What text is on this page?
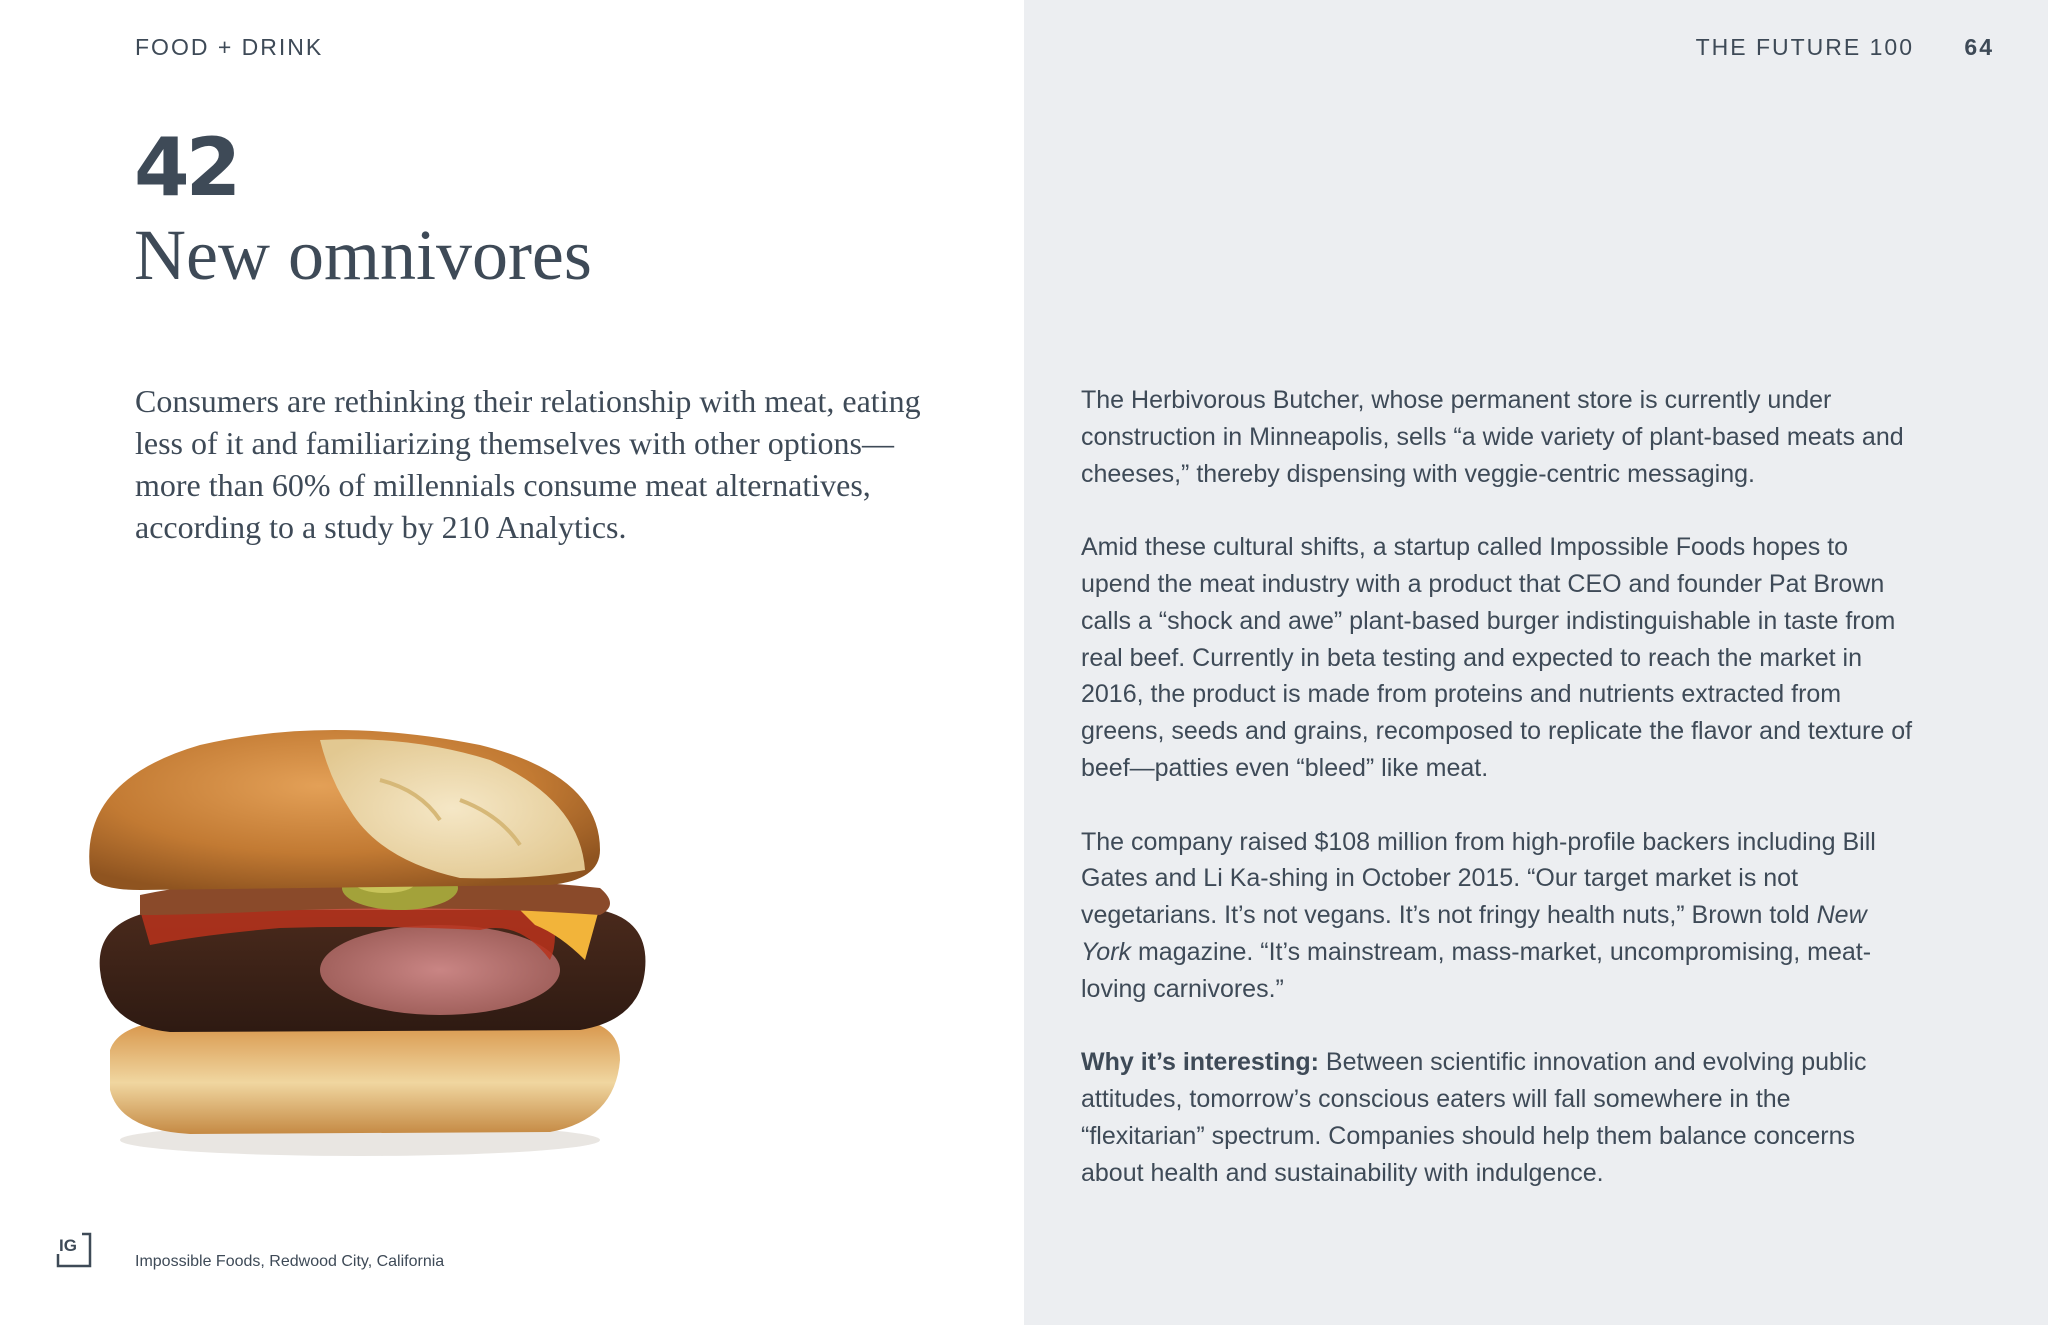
FOOD + DRINK	THE FUTURE 100 64
42
New omnivores

Consumers are rethinking their relationship with meat, eating less of it and familiarizing themselves with other options—more than 60% of millennials consume meat alternatives, according to a study by 210 Analytics.

IG
Impossible Foods, Redwood City, California

The Herbivorous Butcher, whose permanent store is currently under construction in Minneapolis, sells “a wide variety of plant-based meats and cheeses,” thereby dispensing with veggie-centric messaging.

Amid these cultural shifts, a startup called Impossible Foods hopes to upend the meat industry with a product that CEO and founder Pat Brown calls a “shock and awe” plant-based burger indistinguishable in taste from real beef. Currently in beta testing and expected to reach the market in 2016, the product is made from proteins and nutrients extracted from greens, seeds and grains, recomposed to replicate the flavor and texture of beef—patties even “bleed” like meat.

The company raised $108 million from high-profile backers including Bill Gates and Li Ka-shing in October 2015. “Our target market is not vegetarians. It’s not vegans. It’s not fringy health nuts,” Brown told New York magazine. “It’s mainstream, mass-market, uncompromising, meat-loving carnivores.”

Why it’s interesting: Between scientific innovation and evolving public attitudes, tomorrow’s conscious eaters will fall somewhere in the “flexitarian” spectrum. Companies should help them balance concerns about health and sustainability with indulgence.
